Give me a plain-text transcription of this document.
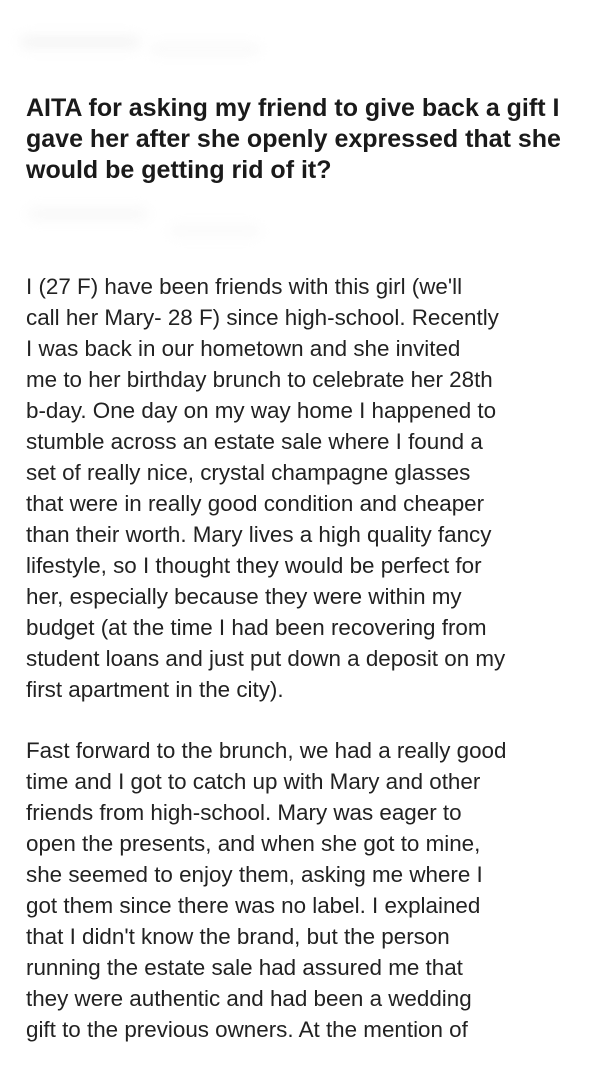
AITA for asking my friend to give back a gift I gave her after she openly expressed that she would be getting rid of it?

I (27 F) have been friends with this girl (we'll
call her Mary- 28 F) since high-school. Recently
I was back in our hometown and she invited
me to her birthday brunch to celebrate her 28th
b-day. One day on my way home I happened to
stumble across an estate sale where I found a
set of really nice, crystal champagne glasses
that were in really good condition and cheaper
than their worth. Mary lives a high quality fancy
lifestyle, so I thought they would be perfect for
her, especially because they were within my
budget (at the time I had been recovering from
student loans and just put down a deposit on my
first apartment in the city).

Fast forward to the brunch, we had a really good
time and I got to catch up with Mary and other
friends from high-school. Mary was eager to
open the presents, and when she got to mine,
she seemed to enjoy them, asking me where I
got them since there was no label. I explained
that I didn't know the brand, but the person
running the estate sale had assured me that
they were authentic and had been a wedding
gift to the previous owners. At the mention of
